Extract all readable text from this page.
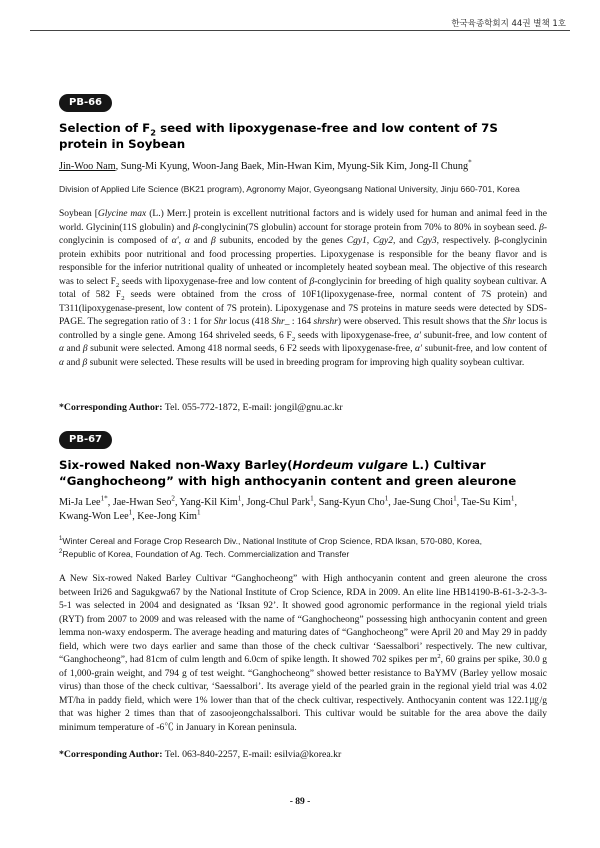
한국육종학회지 44권 별책 1호
PB-66
Selection of $F_2$ seed with lipoxygenase-free and low content of 7S protein in Soybean

Jin-Woo Nam, Sung-Mi Kyung, Woon-Jang Baek, Min-Hwan Kim, Myung-Sik Kim, Jong-Il Chung*

Division of Applied Life Science (BK21 program), Agronomy Major, Gyeongsang National University, Jinju 660-701, Korea

Soybean [Glycine max (L.) Merr.] protein is excellent nutritional factors and is widely used for human and animal feed in the world. Glycinin(11S globulin) and β-conglycinin(7S globulin) account for storage protein from 70% to 80% in soybean seed. β-conglycinin is composed of α', α and β subunits, encoded by the genes Cgy1, Cgy2, and Cgy3, respectively. β-conglycinin protein exhibits poor nutritional and food processing properties. Lipoxygenase is responsible for the beany flavor and is responsible for the inferior nutritional quality of unheated or incompletely heated soybean meal. The objective of this research was to select $F_2$ seeds with lipoxygenase-free and low content of β-conglycinin for breeding of high quality soybean cultivar. A total of 582 $F_2$ seeds were obtained from the cross of 10F1(lipoxygenase-free, normal content of 7S protein) and T311(lipoxygenase-present, low content of 7S protein). Lipoxygenase and 7S proteins in mature seeds were detected by SDS-PAGE. The segregation ratio of 3 : 1 for Shr locus (418 Shr_ : 164 shrshr) were observed. This result shows that the Shr locus is controlled by a single gene. Among 164 shriveled seeds, 6 $F_2$ seeds with lipoxygenase-free, α' subunit-free, and low content of α and β subunit were selected. Among 418 normal seeds, 6 F2 seeds with lipoxygenase-free, α' subunit-free, and low content of α and β subunit were selected. These results will be used in breeding program for improving high quality soybean cultivar.

*Corresponding Author: Tel. 055-772-1872, E-mail: jongil@gnu.ac.kr

PB-67
Six-rowed Naked non-Waxy Barley(Hordeum vulgare L.) Cultivar “Ganghocheong” with high anthocyanin content and green aleurone

Mi-Ja Lee$^{1*}$, Jae-Hwan Seo$^2$, Yang-Kil Kim$^1$, Jong-Chul Park$^1$, Sang-Kyun Cho$^1$, Jae-Sung Choi$^1$, Tae-Su Kim$^1$, Kwang-Won Lee$^1$, Kee-Jong Kim$^1$

$^1$Winter Cereal and Forage Crop Research Div., National Institute of Crop Science, RDA Iksan, 570-080, Korea,
$^2$Republic of Korea, Foundation of Ag. Tech. Commercialization and Transfer

A New Six-rowed Naked Barley Cultivar “Ganghocheong” with High anthocyanin content and green aleurone the cross between Iri26 and Sagukgwa67 by the National Institute of Crop Science, RDA in 2009. An elite line HB14190-B-61-3-2-3-3-5-1 was selected in 2004 and designated as ‘Iksan 92’. It showed good agronomic performance in the regional yield trials (RYT) from 2007 to 2009 and was released with the name of “Ganghocheong” possessing high anthocyanin content and green lemma non-waxy endosperm. The average heading and maturing dates of “Ganghocheong” were April 20 and May 29 in paddy field, which were two days earlier and same than those of the check cultivar ‘Saessalbori’ respectively. The new cultivar, “Ganghocheong”, had 81cm of culm length and 6.0cm of spike length. It showed 702 spikes per $m^2$, 60 grains per spike, 30.0 g of 1,000-grain weight, and 794 g of test weight. “Ganghocheong” showed better resistance to BaYMV (Barley yellow mosaic virus) than those of the check cultivar, ‘Saessalbori’. Its average yield of the pearled grain in the regional yield trial was 4.02 MT/ha in paddy field, which were 1% lower than that of the check cultivar, respectively. Anthocyanin content was 122.1㎍/g that was higher 2 times than that of zasoojeongchalssalbori. This cultivar would be suitable for the area above the daily minimum temperature of -6℃ in January in Korean peninsula.

*Corresponding Author: Tel. 063-840-2257, E-mail: esilvia@korea.kr

- 89 -
